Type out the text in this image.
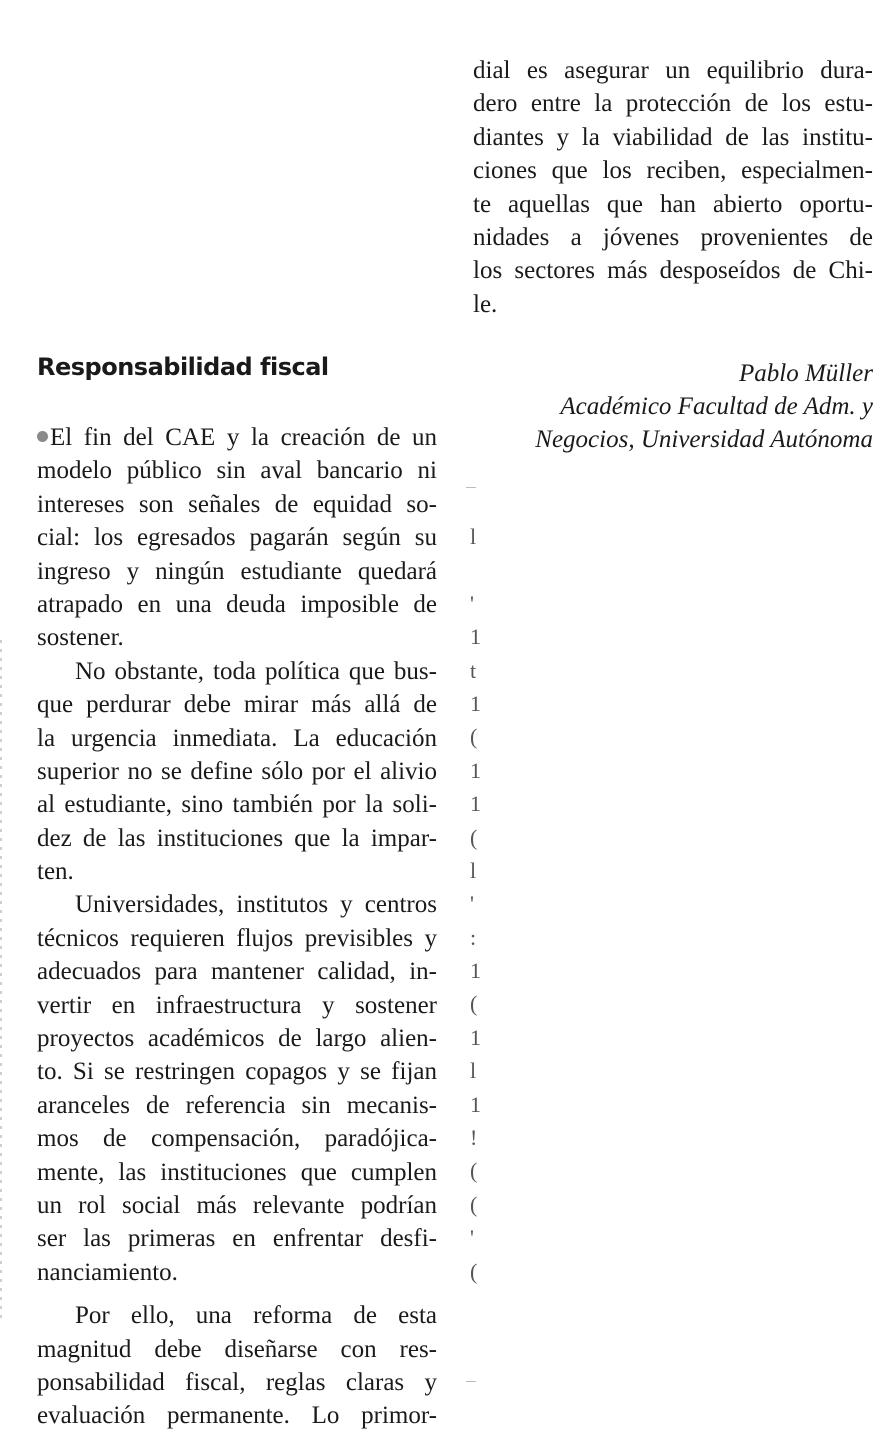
dial es asegurar un equilibrio dura-
dero entre la protección de los estu-
diantes y la viabilidad de las institu-
ciones que los reciben, especialmen-
te aquellas que han abierto oportu-
nidades a jóvenes provenientes de
los sectores más desposeídos de Chi-
le.
Pablo Müller
Académico Facultad de Adm. y
Negocios, Universidad Autónoma
Responsabilidad fiscal
El fin del CAE y la creación de un
modelo público sin aval bancario ni
intereses son señales de equidad so-
cial: los egresados pagarán según su
ingreso y ningún estudiante quedará
atrapado en una deuda imposible de
sostener.
No obstante, toda política que bus-
que perdurar debe mirar más allá de
la urgencia inmediata. La educación
superior no se define sólo por el alivio
al estudiante, sino también por la soli-
dez de las instituciones que la impar-
ten.
Universidades, institutos y centros
técnicos requieren flujos previsibles y
adecuados para mantener calidad, in-
vertir en infraestructura y sostener
proyectos académicos de largo alien-
to. Si se restringen copagos y se fijan
aranceles de referencia sin mecanis-
mos de compensación, paradójica-
mente, las instituciones que cumplen
un rol social más relevante podrían
ser las primeras en enfrentar desfi-
nanciamiento.
Por ello, una reforma de esta
magnitud debe diseñarse con res-
ponsabilidad fiscal, reglas claras y
evaluación permanente. Lo primor-
l
'
1
t
1
(
1
1
(
l
'
:
1
(
1
l
1
!
(
(
'
(
